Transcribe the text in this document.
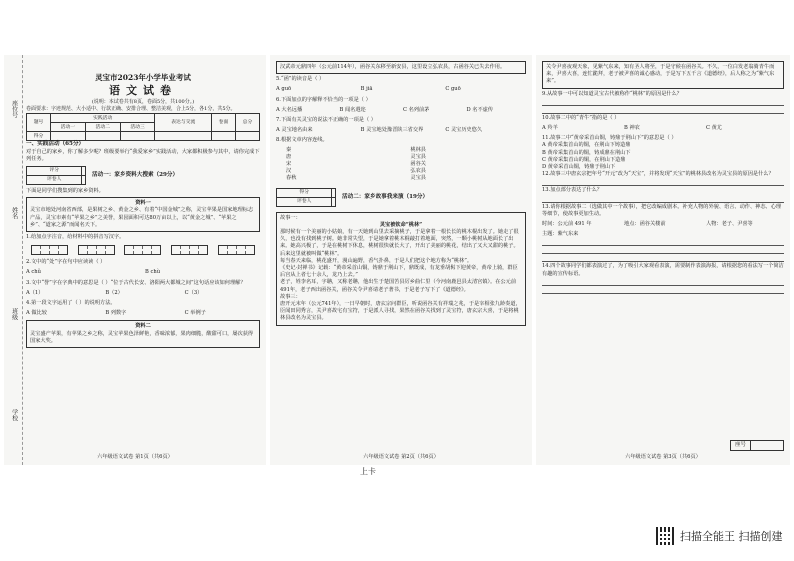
座位号
姓名
班级
学校
灵宝市2023年小学毕业考试
语文试卷

(说明：本试卷共有8页，卷面5分，共100分。)

卷面要求：字迹规范、大小适中、行款正确、安排合理、整洁美观，合上5分，各1分，共5分。

题号	实践活动			表达与交流	卷面	总分
	活动一	活动二	活动三			
得分						

一、实践活动（65分）

对于自己的家乡，你了解多少呢？班级要举行“我爱家乡”实践活动，大家都积极参与其中，请你完成下列任务。

评分	
评卷人	

活动一：家乡资料大搜索（29分）

下面是同学们搜集到的家乡资料。

资料一

灵宝市地处河南省西部，是果树之乡、黄金之乡、有着“中国金城”之称，灵宝苹果是国家地理标志产品，灵宝市素有“苹果之乡”之美誉，果园面积可达80万亩以上，以“黄金之城”、“苹果之乡”、“道家之源”而闻名天下。

1.给加点字注音，给材料中的拼音写汉字。

2.文中的“处”字在句中应读读（ ）

A chǔ	B chù

3.文中“誉”字在字典中的意思是（ ）“位于古代长安、洛阳两大都城之间”这句话应该如何理解？

A（1）	B（2）	C（3）

4.第一段文字运用了（ ）的说明方法。

A 做比较	B 列数字	C 举例子

资料二

灵宝盛产苹果，有苹果之乡之称，灵宝苹果色泽鲜艳，香味浓郁，果肉细脆，酸甜可口，屡次获得国家大奖。

六年级语文试卷 第1页（共6页）

汉武帝元鼎四年（公元前114年），函谷关东移至新安县，这里设立弘农县，古函谷关已失去作用。

5.“函”的读音是（ ）

A guō	B jiā	C guō

6.下面加点的字解释不恰当的一项是（ ）

A 大名远播	B 闻名遐迩	C 名列前茅	D 名不虚传

7.下面有关灵宝的说法不正确的一项是（ ）

A 灵宝地名由来	B 灵宝地处豫晋陕三省交界	C 灵宝历史悠久

8.根据文章内容连线。

秦

唐

宋

汉

春秋

桃林县

灵宝县

函谷关

弘农县

灵宝县

得分	
评卷人	

活动二：家乡故事我来演（19分）

故事一：

灵宝被钦命“桃林”

那时候有一个美丽的小姑娘，有一天她到山里去采摘桃子，于是拿着一根长长的桃木棍出发了。她走了很久，也没有找到桃子树。她非常失望，于是她拿着桃木棍敲打着地面，突然，一颗小桃树从地面长了出来。她高兴极了，于是在桃树下休息，桃树很快就长大了，开出了美丽的桃花，结出了又大又甜的桃子。后来这里就被叫做“桃林”。

每当春天来临，桃花盛开，漫山遍野，香气扑鼻，于是人们把这个地方称为“桃林”。

《史记·封禅书》记载：“黄帝采首山铜，铸鼎于荆山下，鼎既成，有龙垂胡髯下迎黄帝，黄帝上骑，群臣后宫从上者七十余人，龙乃上去。”

老子，姓李名耳，字聃，又称老聃，他出生于楚国苦县厉乡曲仁里（今河南鹿邑县太清宫镇）。在公元前491年，老子西出函谷关，函谷关令尹喜请老子著书，于是老子写下了《道德经》。

故事三：

唐开元末年（公元741年），一日早朝时，唐玄宗问群臣，听说函谷关有祥瑞之兆，于是宰相张九龄奏道，臣闻田同秀言，关尹喜故宅有宝符，于是派人寻找，果然在函谷关找到了灵宝符，唐玄宗大喜，于是将桃林县改名为灵宝县。

六年级语文试卷 第2页（共6页）

关令尹喜夜观天象，见紫气东来，知有圣人将至，于是守候在函谷关。不久，一位白发老翁骑青牛而来，尹喜大喜，连忙跪拜，老子被尹喜的诚心感动，于是写下五千言《道德经》，后人称之为“紫气东来”。

9.从故事一中可以知道灵宝古代被称作“桃林”的原因是什么？

10.故事二中的“青牛”指的是（ ）

A 羚羊	B 神农	C 黄尤

11.故事二中“黄帝采首山铜，铸鼎于荆山下”的意思是（ ）

A 黄帝采集首山的铜，在荆山下铸造鼎

B 黄帝采集首山的铜，铸成鼎在荆山下

C 黄帝采集首山的铜，在荆山下造鼎

D 黄帝采首山铜，铸鼎于荆山下

12.故事三中唐玄宗把年号“开元”改为“天宝”，并将发现“天宝”的桃林县改名为灵宝县的原因是什么？

13.加点部分表达了什么？

13.请你根据故事二（选做其中一个故事），把它改编成剧本。补充人物的外貌、语言、动作、神态、心理等细节，使故事更加生动。

时间：公元前 491 年	地点：函谷关楼前	人物：老子、尹喜等

主题：紫气东来

14.四个故事同学们都表演过了，为了吸引大家观看表演，需要制作表演海报，请根据您的看法写一个简洁有趣的宣传标语。

座号

六年级语文试卷 第3页（共6页）
上卡
扫描全能王 扫描创建
